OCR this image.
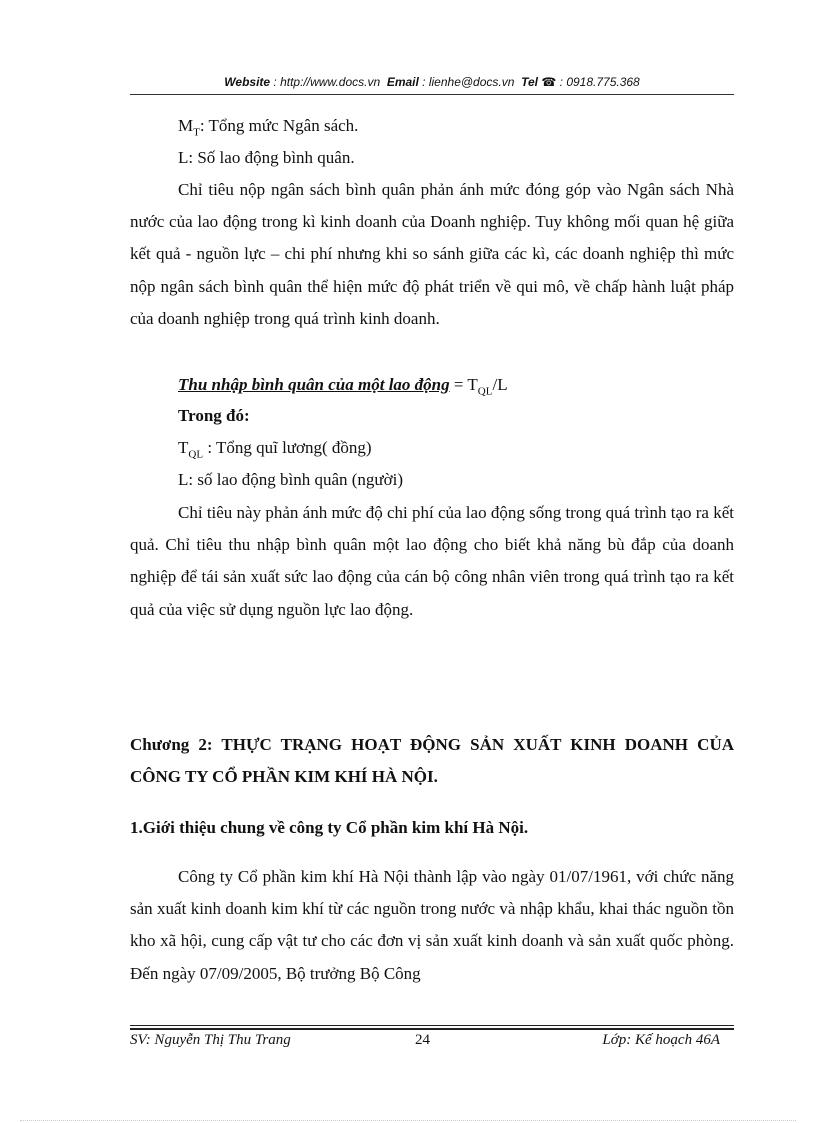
Website : http://www.docs.vn Email : lienhe@docs.vn Tel ☎ : 0918.775.368
$M_T$: Tổng mức Ngân sách.
L: Số lao động bình quân.
Chỉ tiêu nộp ngân sách bình quân phản ánh mức đóng góp vào Ngân sách Nhà nước của lao động trong kì kinh doanh của Doanh nghiệp. Tuy không mối quan hệ giữa kết quả - nguồn lực – chi phí nhưng khi so sánh giữa các kì, các doanh nghiệp thì mức nộp ngân sách bình quân thể hiện mức độ phát triển về qui mô, về chấp hành luật pháp của doanh nghiệp trong quá trình kinh doanh.
Thu nhập bình quân của một lao động = $T_{QL}/L$
Trong đó:
$T_{QL}$ : Tổng quĩ lương( đồng)
L: số lao động bình quân (người)
Chỉ tiêu này phản ánh mức độ chi phí của lao động sống trong quá trình tạo ra kết quả. Chỉ tiêu thu nhập bình quân một lao động cho biết khả năng bù đắp của doanh nghiệp để tái sản xuất sức lao động của cán bộ công nhân viên trong quá trình tạo ra kết quả của việc sử dụng nguồn lực lao động.
Chương 2: THỰC TRẠNG HOẠT ĐỘNG SẢN XUẤT KINH DOANH CỦA CÔNG TY CỔ PHẦN KIM KHÍ HÀ NỘI.
1.Giới thiệu chung về công ty Cổ phần kim khí Hà Nội.
Công ty Cổ phần kim khí Hà Nội thành lập vào ngày 01/07/1961, với chức năng sản xuất kinh doanh kim khí từ các nguồn trong nước và nhập khẩu, khai thác nguồn tồn kho xã hội, cung cấp vật tư cho các đơn vị sản xuất kinh doanh và sản xuất quốc phòng. Đến ngày 07/09/2005, Bộ trưởng Bộ Công
SV: Nguyễn Thị Thu Trang	24	Lớp: Kế hoạch 46A
